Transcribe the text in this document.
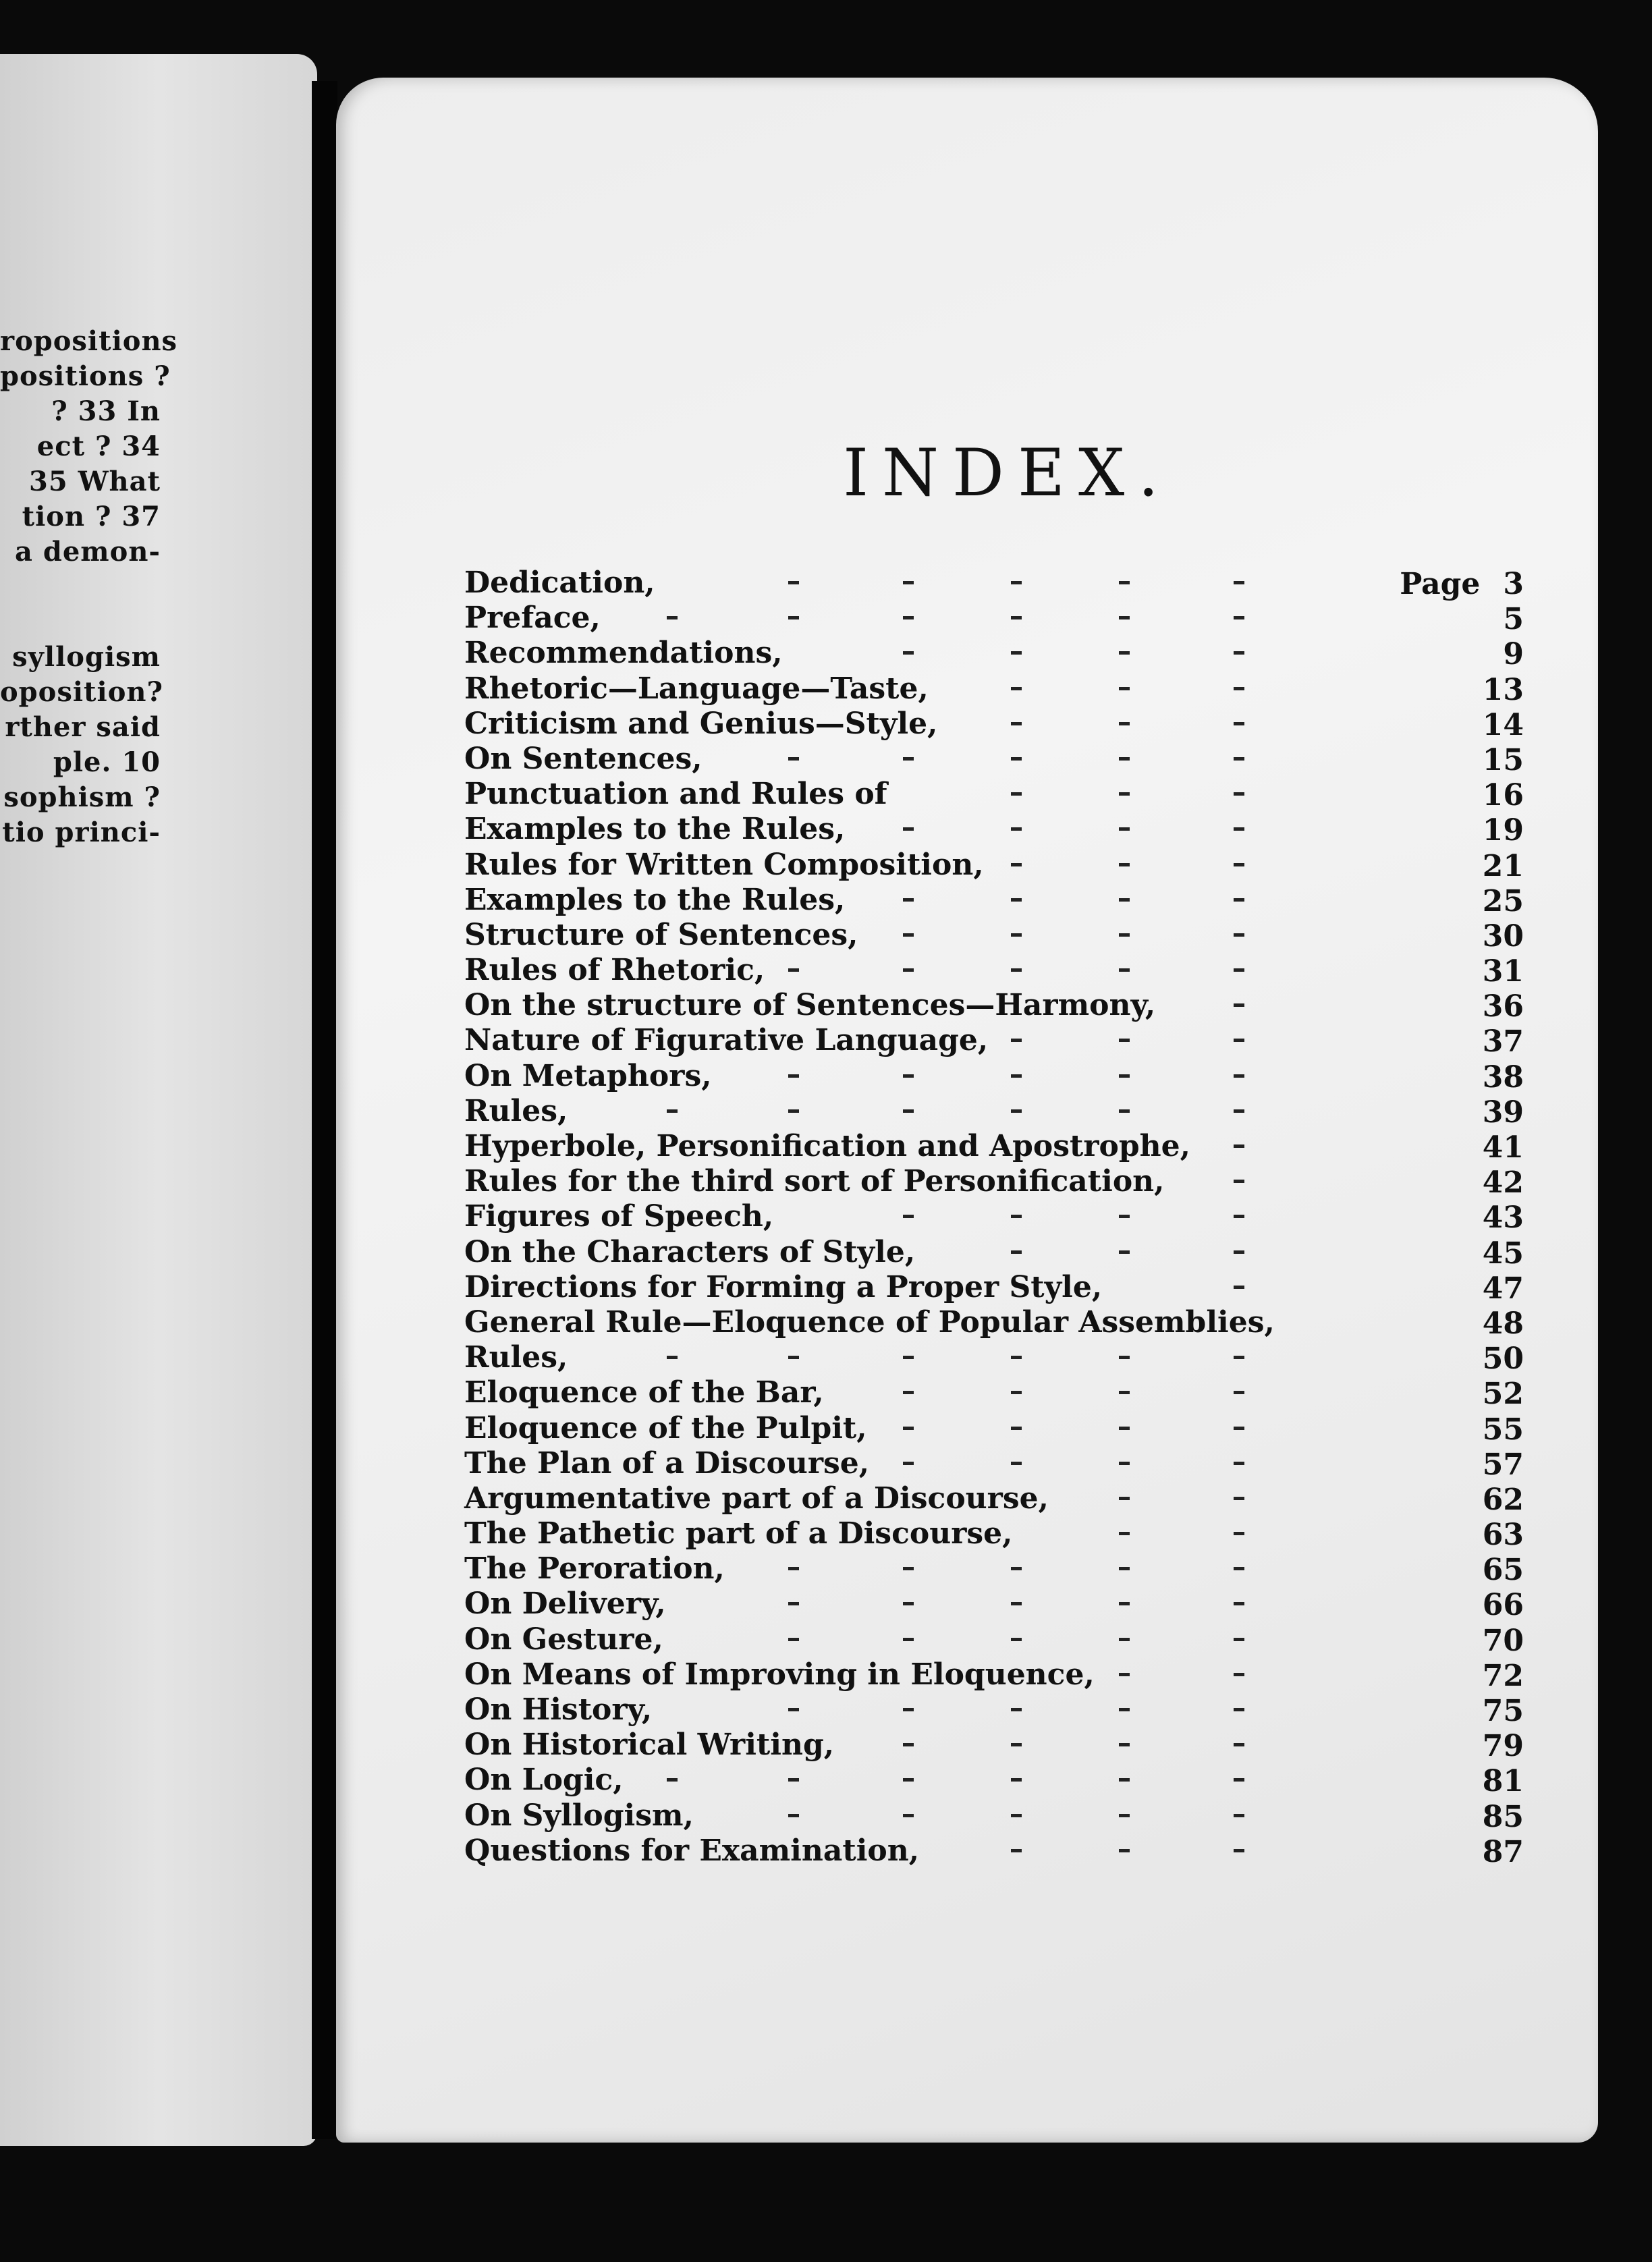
ropositions
positions ?
? 33 In
ect ? 34
35 What
tion ? 37
a demon-
syllogism
oposition?
rther said
ple. 10
sophism ?
tio princi-
INDEX.
Dedication,	Page 3
Preface,	5
Recommendations,	9
Rhetoric—Language—Taste,	13
Criticism and Genius—Style,	14
On Sentences,	15
Punctuation and Rules of	16
Examples to the Rules,	19
Rules for Written Composition,	21
Examples to the Rules,	25
Structure of Sentences,	30
Rules of Rhetoric,	31
On the structure of Sentences—Harmony,	36
Nature of Figurative Language,	37
On Metaphors,	38
Rules,	39
Hyperbole, Personification and Apostrophe,	41
Rules for the third sort of Personification,	42
Figures of Speech,	43
On the Characters of Style,	45
Directions for Forming a Proper Style,	47
General Rule—Eloquence of Popular Assemblies,	48
Rules,	50
Eloquence of the Bar,	52
Eloquence of the Pulpit,	55
The Plan of a Discourse,	57
Argumentative part of a Discourse,	62
The Pathetic part of a Discourse,	63
The Peroration,	65
On Delivery,	66
On Gesture,	70
On Means of Improving in Eloquence,	72
On History,	75
On Historical Writing,	79
On Logic,	81
On Syllogism,	85
Questions for Examination,	87
